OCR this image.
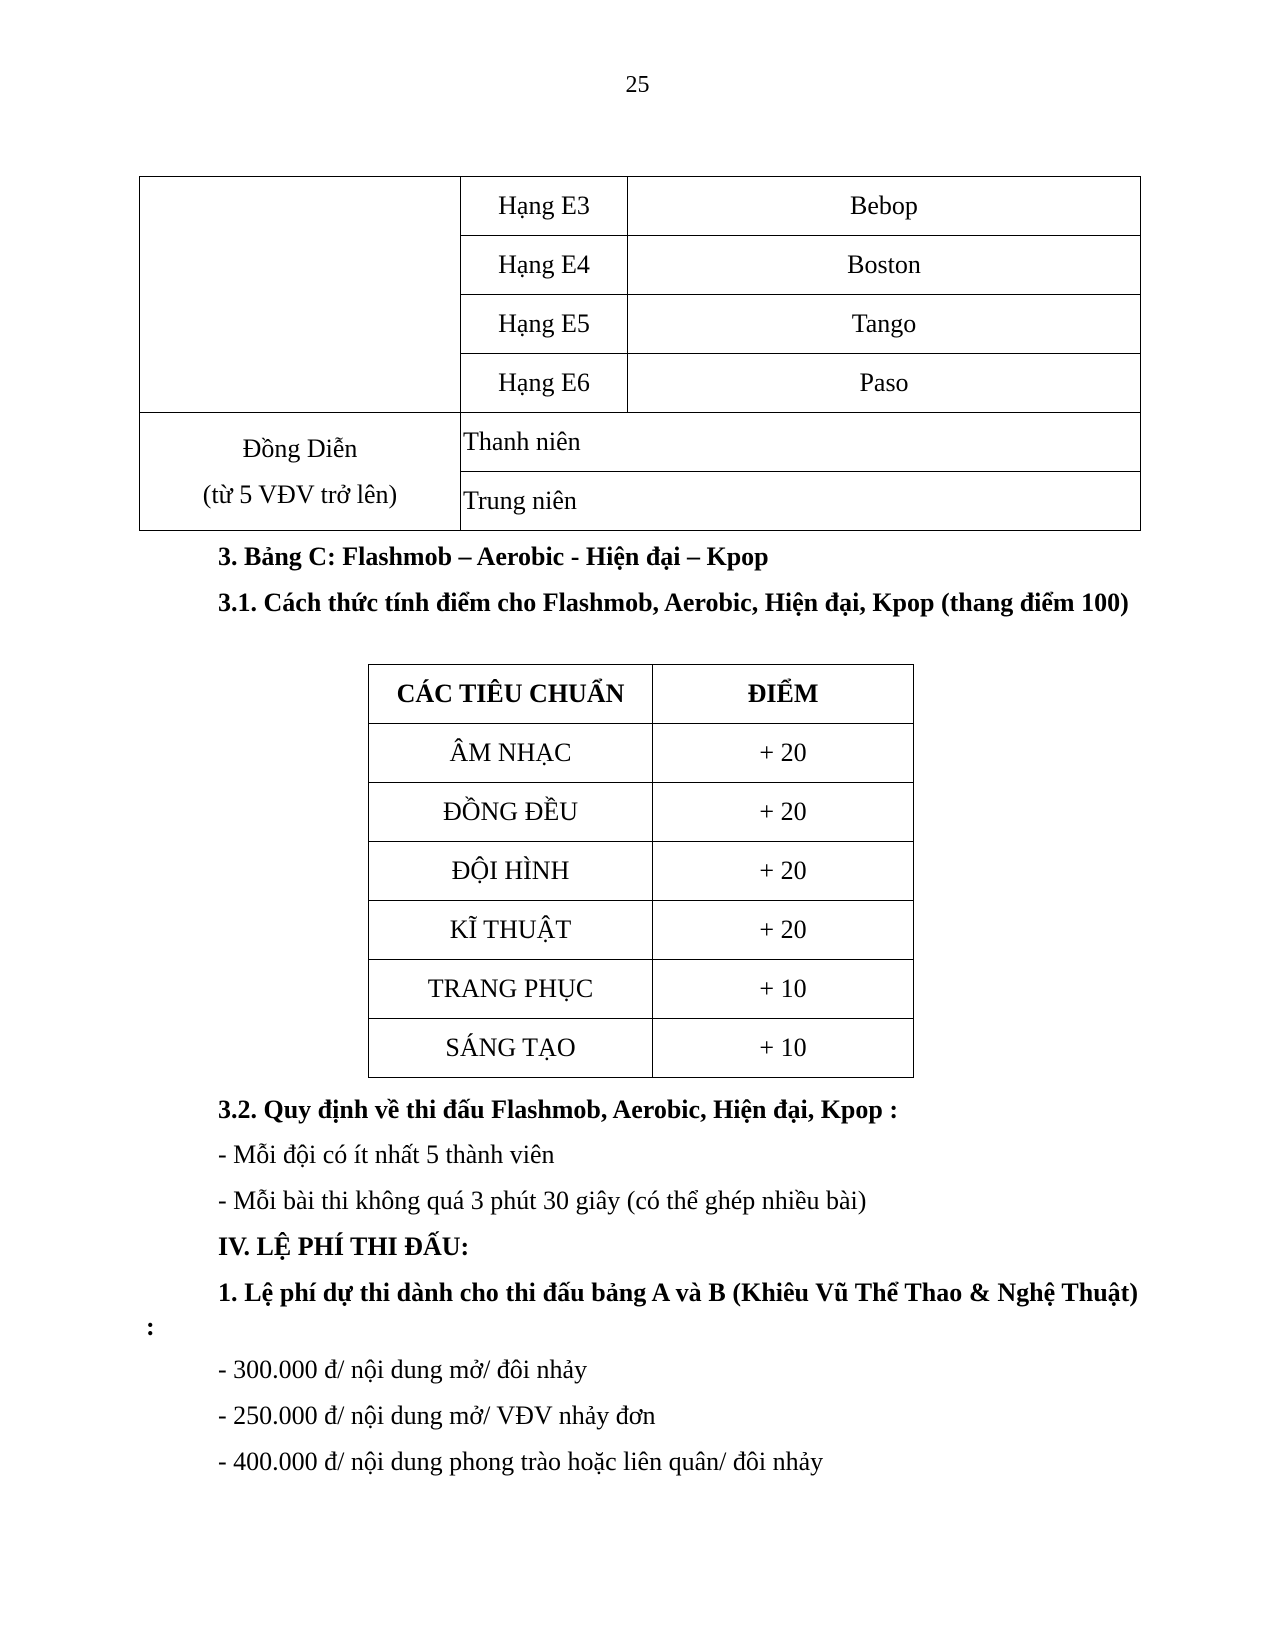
25
	Hạng E3	Bebop
	Hạng E4	Boston
	Hạng E5	Tango
	Hạng E6	Paso

Đồng Diễn
(từ 5 VĐV trở lên)	Thanh niên	
	Trung niên	
3. Bảng C: Flashmob – Aerobic - Hiện đại – Kpop
3.1. Cách thức tính điểm cho Flashmob, Aerobic, Hiện đại, Kpop (thang điểm 100)
CÁC TIÊU CHUẨN	ĐIỂM
ÂM NHẠC	+ 20
ĐỒNG ĐỀU	+ 20
ĐỘI HÌNH	+ 20
KĨ THUẬT	+ 20
TRANG PHỤC	+ 10
SÁNG TẠO	+ 10
3.2. Quy định về thi đấu Flashmob, Aerobic, Hiện đại, Kpop :
- Mỗi đội có ít nhất 5 thành viên
- Mỗi bài thi không quá 3 phút 30 giây (có thể ghép nhiều bài)
IV. LỆ PHÍ THI ĐẤU:
1. Lệ phí dự thi dành cho thi đấu bảng A và B (Khiêu Vũ Thể Thao & Nghệ Thuật) :
- 300.000 đ/ nội dung mở/ đôi nhảy
- 250.000 đ/ nội dung mở/ VĐV nhảy đơn
- 400.000 đ/ nội dung phong trào hoặc liên quân/ đôi nhảy
